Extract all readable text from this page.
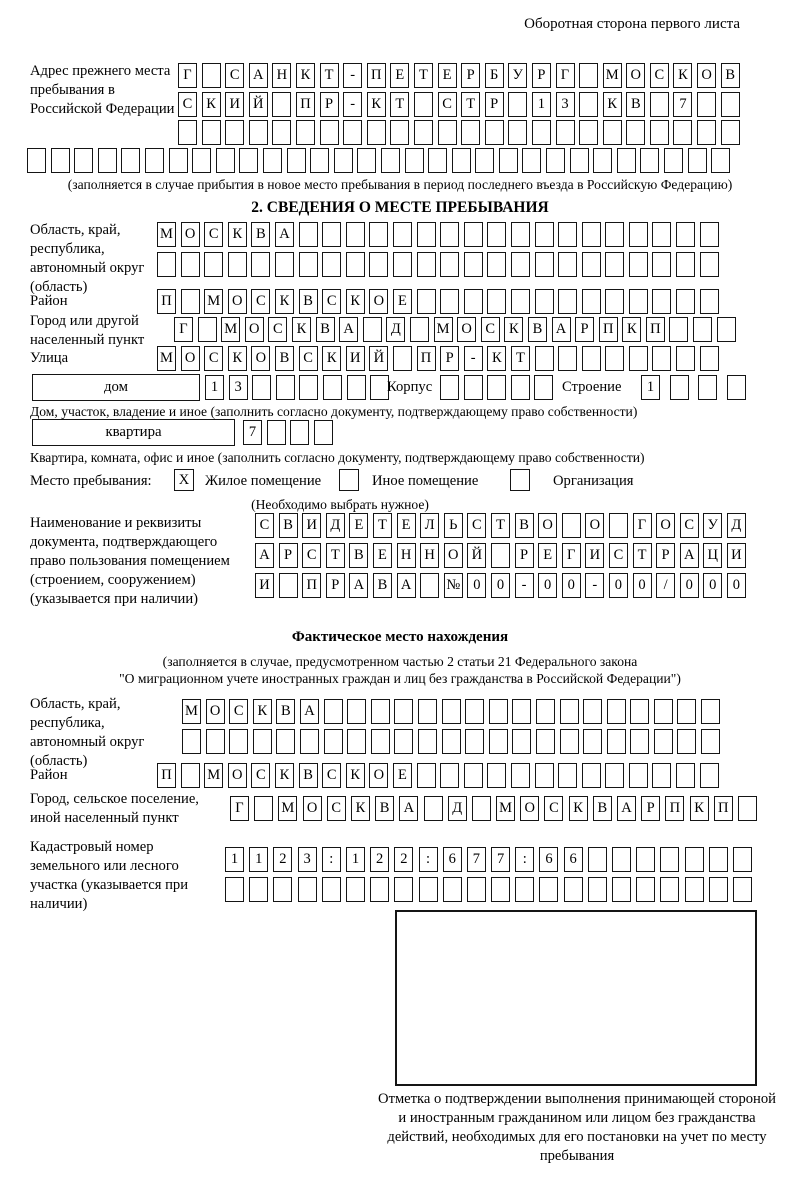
Оборотная сторона первого листа
Адрес прежнего места пребывания в Российской Федерации
Г	С А Н К Т	-	П Е	Т	Е	Р	Б У Р	Г	М О С К О В
С К И Й	П Р	-	К Т	С Т	Р	1	3	К В	7
(заполняется в случае прибытия в новое место пребывания в период последнего въезда в Российскую Федерацию)
2. СВЕДЕНИЯ О МЕСТЕ ПРЕБЫВАНИЯ
Область, край, республика, автономный округ (область)
М О С К В А
Район	П М О С К В С К О Е
Город или другой населенный пункт
Г	М О С К В А	Д	М О С К В А Р П К П
Улица	М О С К О В С К И Й	П Р	-	К Т
дом	1	3	Корпус	Строение	1
Дом, участок, владение и иное (заполнить согласно документу, подтверждающему право собственности)
квартира	7
Квартира, комната, офис и иное (заполнить согласно документу, подтверждающему право собственности)
Место пребывания:	X	Жилое помещение	Иное помещение	Организация
(Необходимо выбрать нужное)
Наименование и реквизиты документа, подтверждающего право пользования помещением (строением, сооружением) (указывается при наличии)
С В И Д Е	Т	Е Л	Ь	С Т В О	О	Г О С У Д
А Р	С Т В Е Н Н О Й	Р	Е	Г И С Т	Р А Ц И
И	П Р А В А № 0	0	-	0	0	-	0	0	/	0	0	0
Фактическое место нахождения
(заполняется в случае, предусмотренном частью 2 статьи 21 Федерального закона
"О миграционном учете иностранных граждан и лиц без гражданства в Российской Федерации")
Область, край, республика, автономный округ (область)
М О С К В А
Район	П М О С К В С К О Е
Город, сельское поселение, иной населенный пункт
Г	М О С	К	В А	Д	М О С	К	В А	Р	П К П
Кадастровый номер земельного или лесного участка (указывается при наличии)
1	1	2	3	:	1	2	2	:	6	7	7	:	6	6
Отметка о подтверждении выполнения принимающей стороной и иностранным гражданином или лицом без гражданства действий, необходимых для его постановки на учет по месту пребывания
